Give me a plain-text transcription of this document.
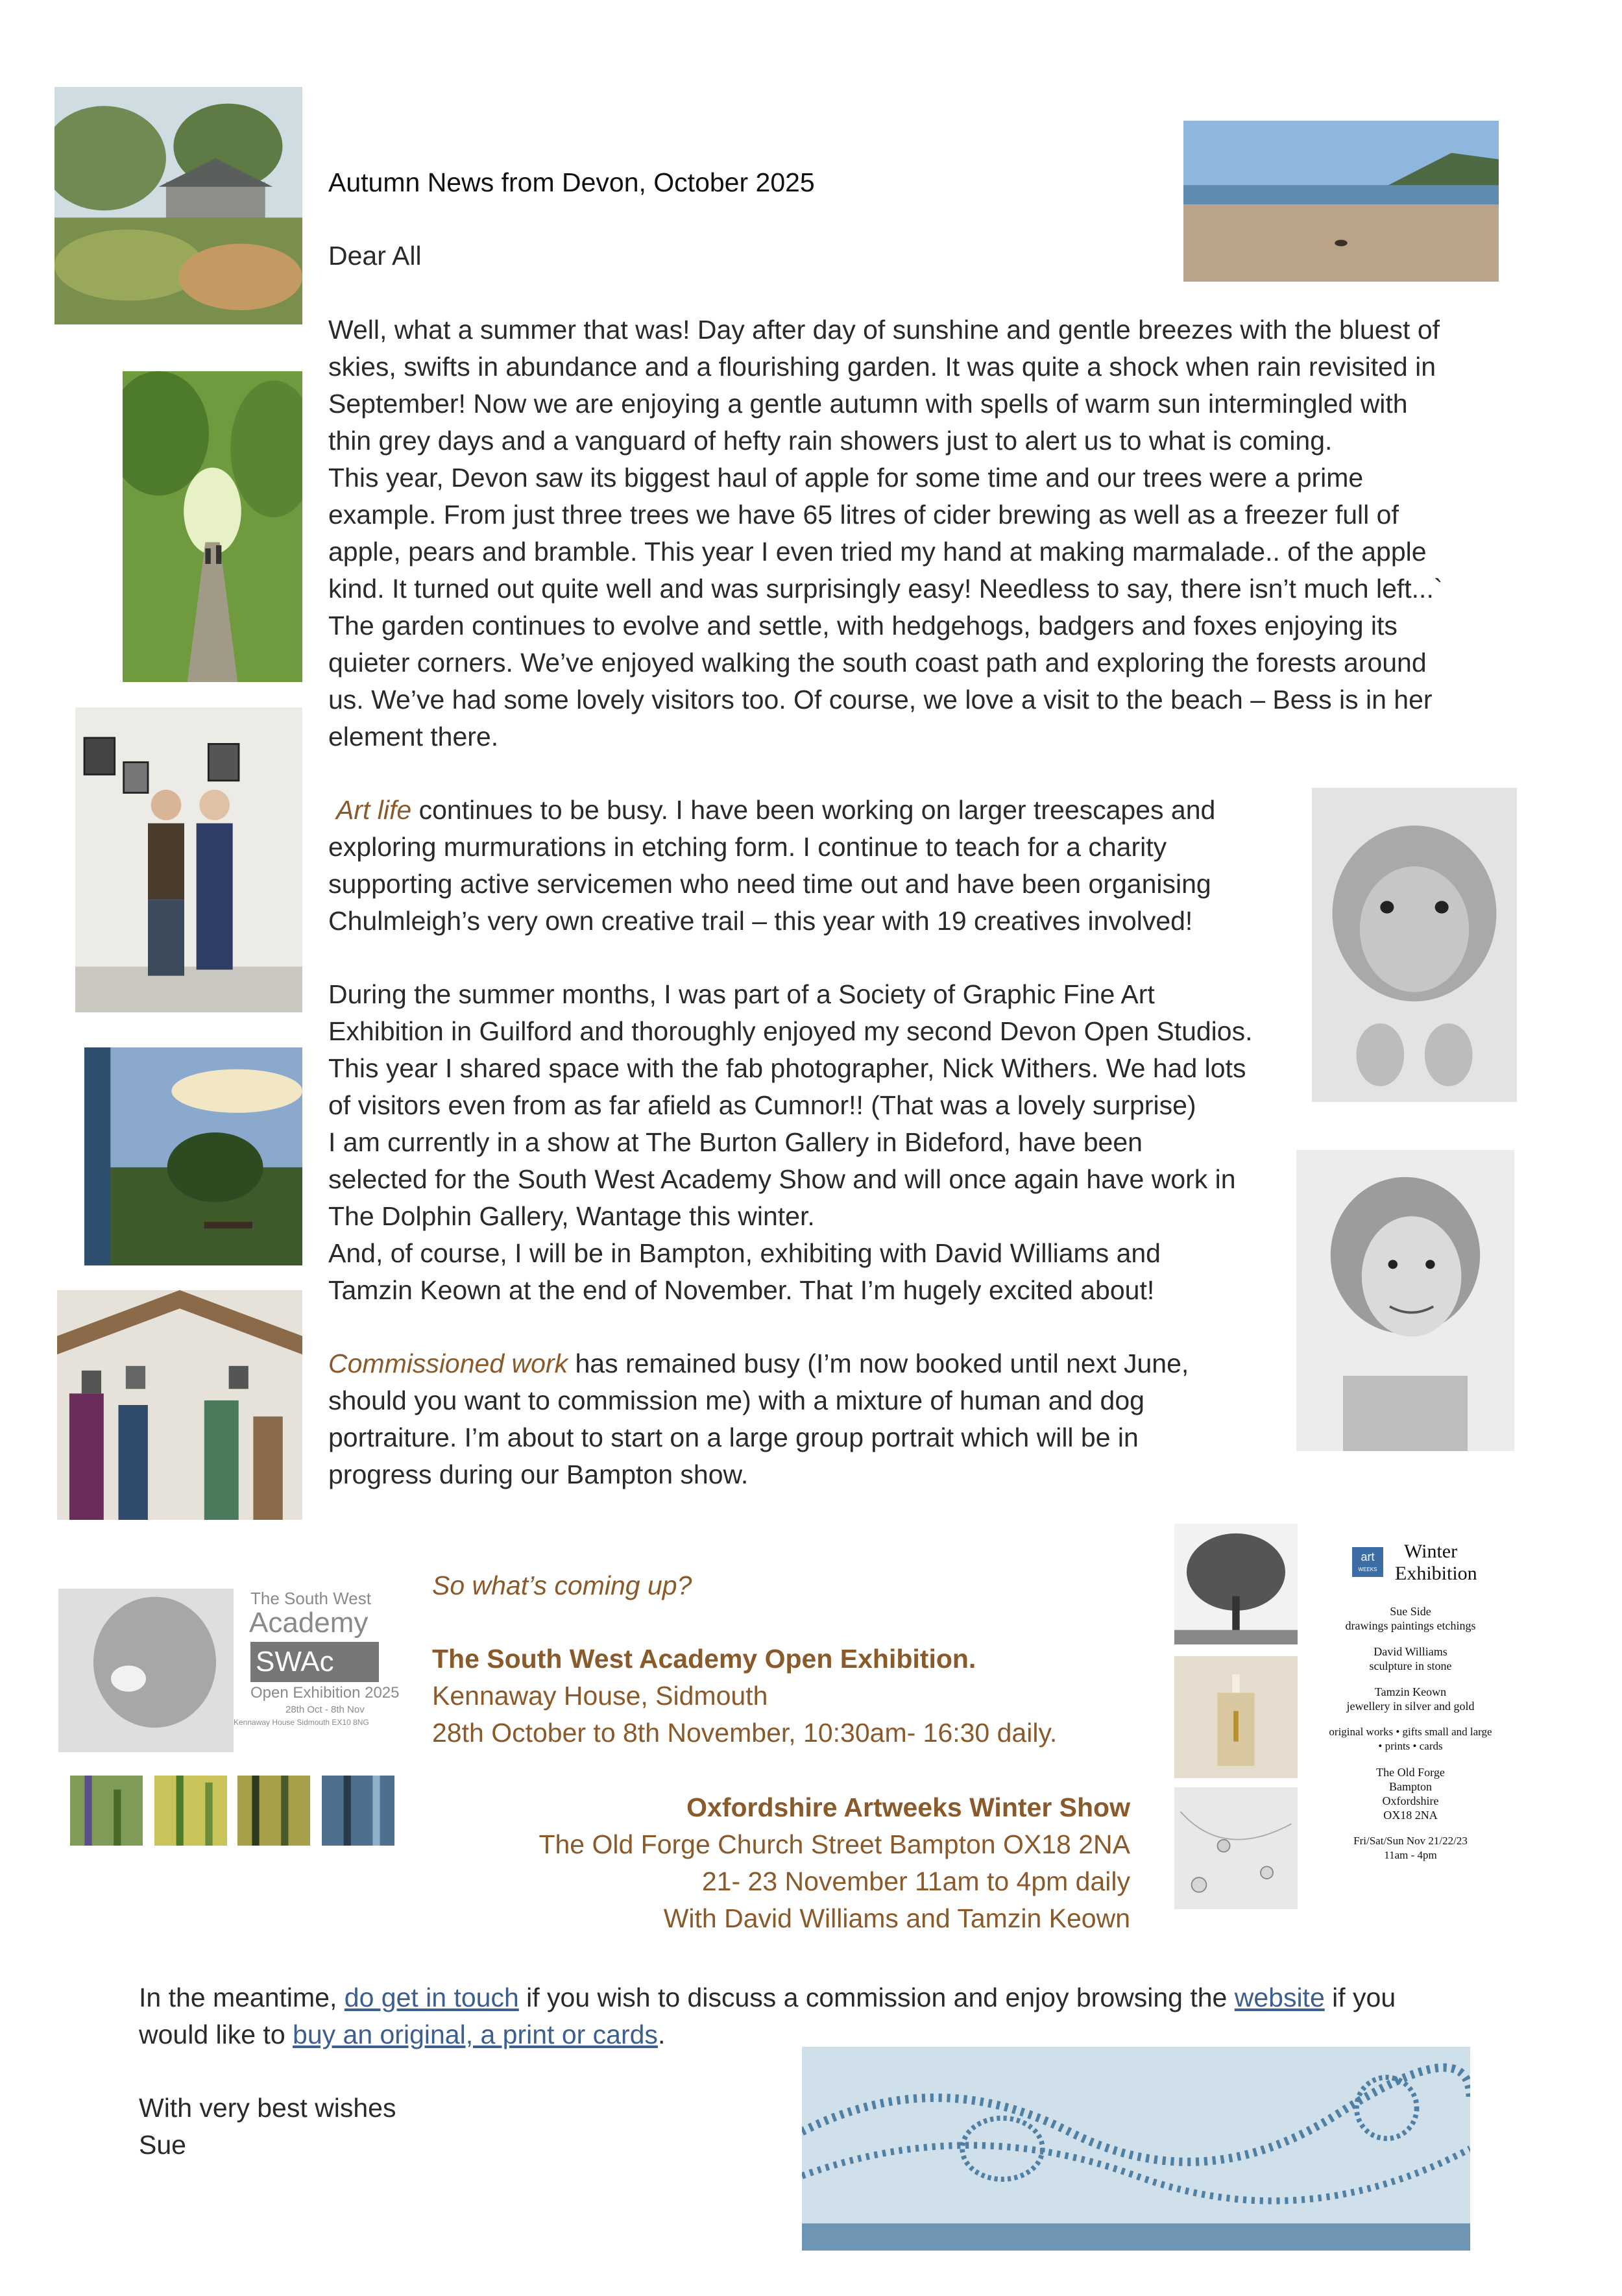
The South West
Academy
SWAc
Open Exhibition 2025
28th Oct - 8th Nov
Kennaway House Sidmouth EX10 8NG
art
WEEKS
Winter
Exhibition
Sue Side
drawings paintings etchings
David Williams
sculpture in stone
Tamzin Keown
jewellery in silver and gold
original works • gifts small and large
• prints • cards
The Old Forge
Bampton
Oxfordshire
OX18 2NA
Fri/Sat/Sun Nov 21/22/23
11am - 4pm
Autumn News from Devon, October 2025
Dear All
Well, what a summer that was! Day after day of sunshine and gentle breezes with the bluest of
skies, swifts in abundance and a flourishing garden. It was quite a shock when rain revisited in
September! Now we are enjoying a gentle autumn with spells of warm sun intermingled with
thin grey days and a vanguard of hefty rain showers just to alert us to what is coming.
This year, Devon saw its biggest haul of apple for some time and our trees were a prime
example. From just three trees we have 65 litres of cider brewing as well as a freezer full of
apple, pears and bramble. This year I even tried my hand at making marmalade.. of the apple
kind. It turned out quite well and was surprisingly easy! Needless to say, there isn’t much left...`
The garden continues to evolve and settle, with hedgehogs, badgers and foxes enjoying its
quieter corners. We’ve enjoyed walking the south coast path and exploring the forests around
us. We’ve had some lovely visitors too. Of course, we love a visit to the beach – Bess is in her
element there.
Art life continues to be busy. I have been working on larger treescapes and
exploring murmurations in etching form. I continue to teach for a charity
supporting active servicemen who need time out and have been organising
Chulmleigh’s very own creative trail – this year with 19 creatives involved!
During the summer months, I was part of a Society of Graphic Fine Art
Exhibition in Guilford and thoroughly enjoyed my second Devon Open Studios.
This year I shared space with the fab photographer, Nick Withers. We had lots
of visitors even from as far afield as Cumnor!! (That was a lovely surprise)
I am currently in a show at The Burton Gallery in Bideford, have been
selected for the South West Academy Show and will once again have work in
The Dolphin Gallery, Wantage this winter.
And, of course, I will be in Bampton, exhibiting with David Williams and
Tamzin Keown at the end of November. That I’m hugely excited about!
Commissioned work has remained busy (I’m now booked until next June,
should you want to commission me) with a mixture of human and dog
portraiture. I’m about to start on a large group portrait which will be in
progress during our Bampton show.
So what’s coming up?
The South West Academy Open Exhibition.
Kennaway House, Sidmouth
28th October to 8th November, 10:30am- 16:30 daily.
Oxfordshire Artweeks Winter Show
The Old Forge Church Street Bampton OX18 2NA
21- 23 November 11am to 4pm daily
With David Williams and Tamzin Keown
In the meantime, do get in touch if you wish to discuss a commission and enjoy browsing the website if you
would like to buy an original, a print or cards.
With very best wishes
Sue
